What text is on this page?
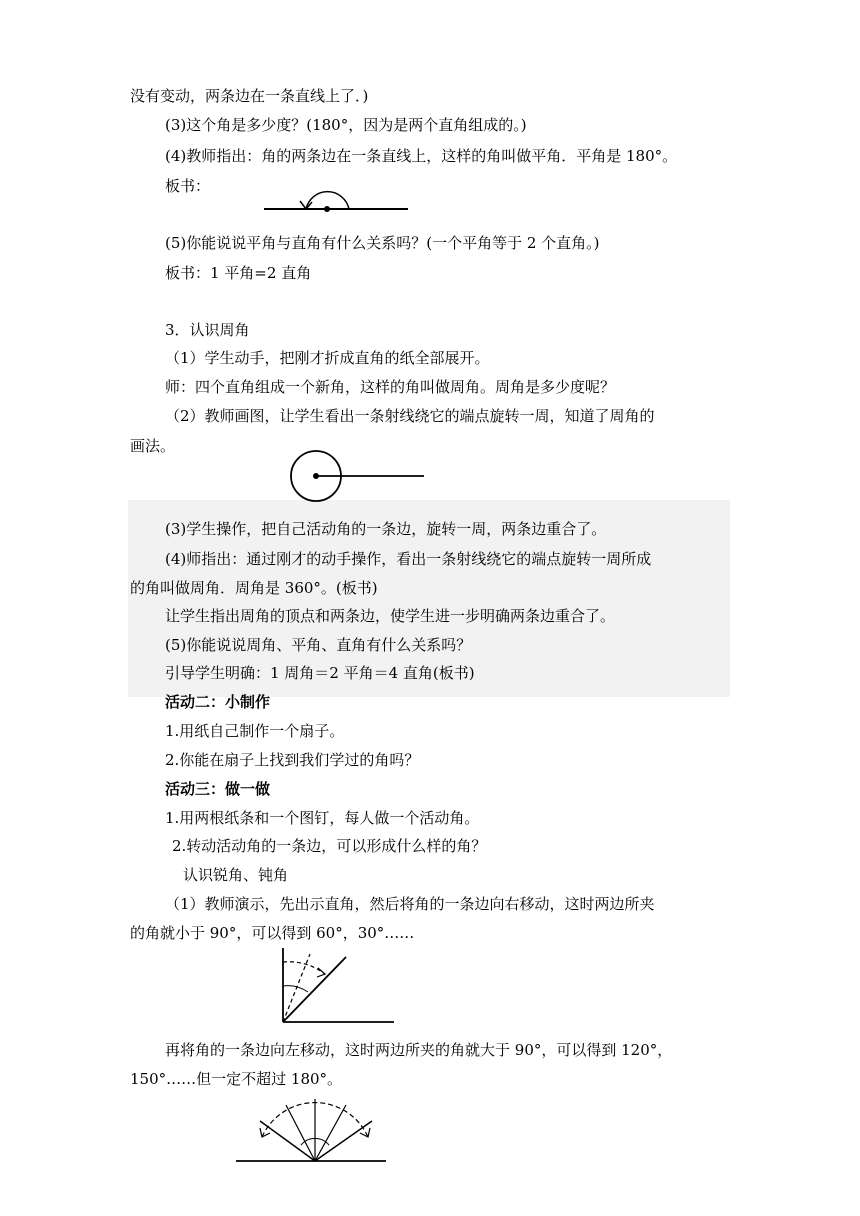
没有变动，两条边在一条直线上了．)
(3)这个角是多少度？(180°，因为是两个直角组成的。)
(4)教师指出：角的两条边在一条直线上，这样的角叫做平角．平角是 180°。
板书：
(5)你能说说平角与直角有什么关系吗？(一个平角等于 2 个直角。)
板书：1 平角=2 直角
3．认识周角
（1）学生动手，把刚才折成直角的纸全部展开。
师：四个直角组成一个新角，这样的角叫做周角。周角是多少度呢？
（2）教师画图，让学生看出一条射线绕它的端点旋转一周，知道了周角的
画法。
(3)学生操作，把自己活动角的一条边，旋转一周，两条边重合了。
(4)师指出：通过刚才的动手操作，看出一条射线绕它的端点旋转一周所成
的角叫做周角．周角是 360°。(板书)
让学生指出周角的顶点和两条边，使学生进一步明确两条边重合了。
(5)你能说说周角、平角、直角有什么关系吗？
引导学生明确：1 周角＝2 平角＝4 直角(板书)
活动二：小制作
1.用纸自己制作一个扇子。
2.你能在扇子上找到我们学过的角吗？
活动三：做一做
1.用两根纸条和一个图钉，每人做一个活动角。
2.转动活动角的一条边，可以形成什么样的角？
认识锐角、钝角
（1）教师演示，先出示直角，然后将角的一条边向右移动，这时两边所夹
的角就小于 90°，可以得到 60°，30°……
再将角的一条边向左移动，这时两边所夹的角就大于 90°，可以得到 120°，
150°……但一定不超过 180°。
